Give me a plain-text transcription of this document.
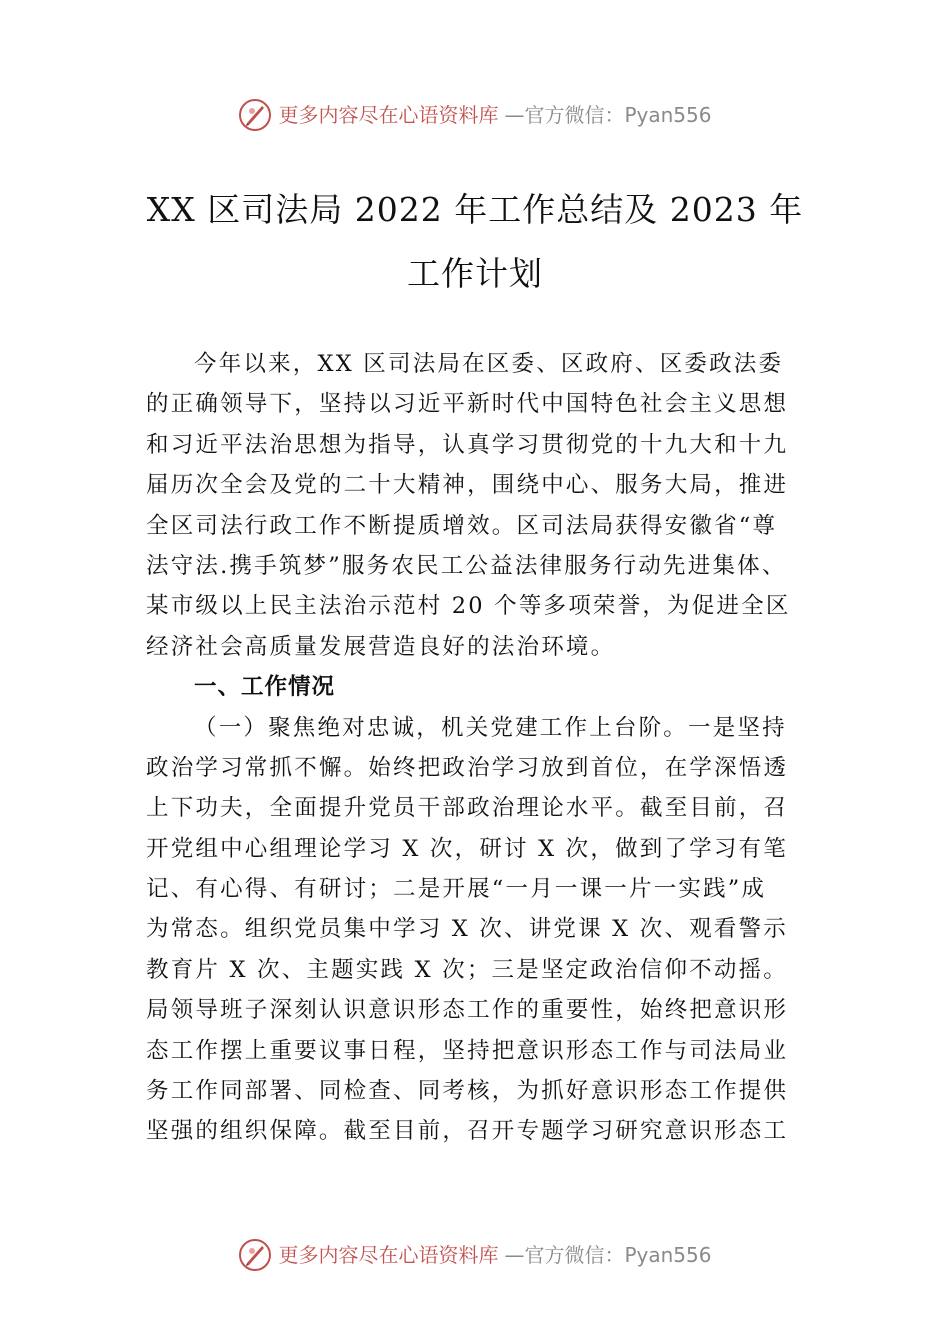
更多内容尽在心语资料库 —官方微信：Pyan556
XX 区司法局 2022 年工作总结及 2023 年
工作计划
今年以来，XX 区司法局在区委、区政府、区委政法委
的正确领导下，坚持以习近平新时代中国特色社会主义思想
和习近平法治思想为指导，认真学习贯彻党的十九大和十九
届历次全会及党的二十大精神，围绕中心、服务大局，推进
全区司法行政工作不断提质增效。区司法局获得安徽省“尊
法守法.携手筑梦”服务农民工公益法律服务行动先进集体、
某市级以上民主法治示范村 20 个等多项荣誉，为促进全区
经济社会高质量发展营造良好的法治环境。
一、工作情况
（一）聚焦绝对忠诚，机关党建工作上台阶。一是坚持
政治学习常抓不懈。始终把政治学习放到首位，在学深悟透
上下功夫，全面提升党员干部政治理论水平。截至目前，召
开党组中心组理论学习 X 次，研讨 X 次，做到了学习有笔
记、有心得、有研讨；二是开展“一月一课一片一实践”成
为常态。组织党员集中学习 X 次、讲党课 X 次、观看警示
教育片 X 次、主题实践 X 次；三是坚定政治信仰不动摇。
局领导班子深刻认识意识形态工作的重要性，始终把意识形
态工作摆上重要议事日程，坚持把意识形态工作与司法局业
务工作同部署、同检查、同考核，为抓好意识形态工作提供
坚强的组织保障。截至目前，召开专题学习研究意识形态工
更多内容尽在心语资料库 —官方微信：Pyan556
